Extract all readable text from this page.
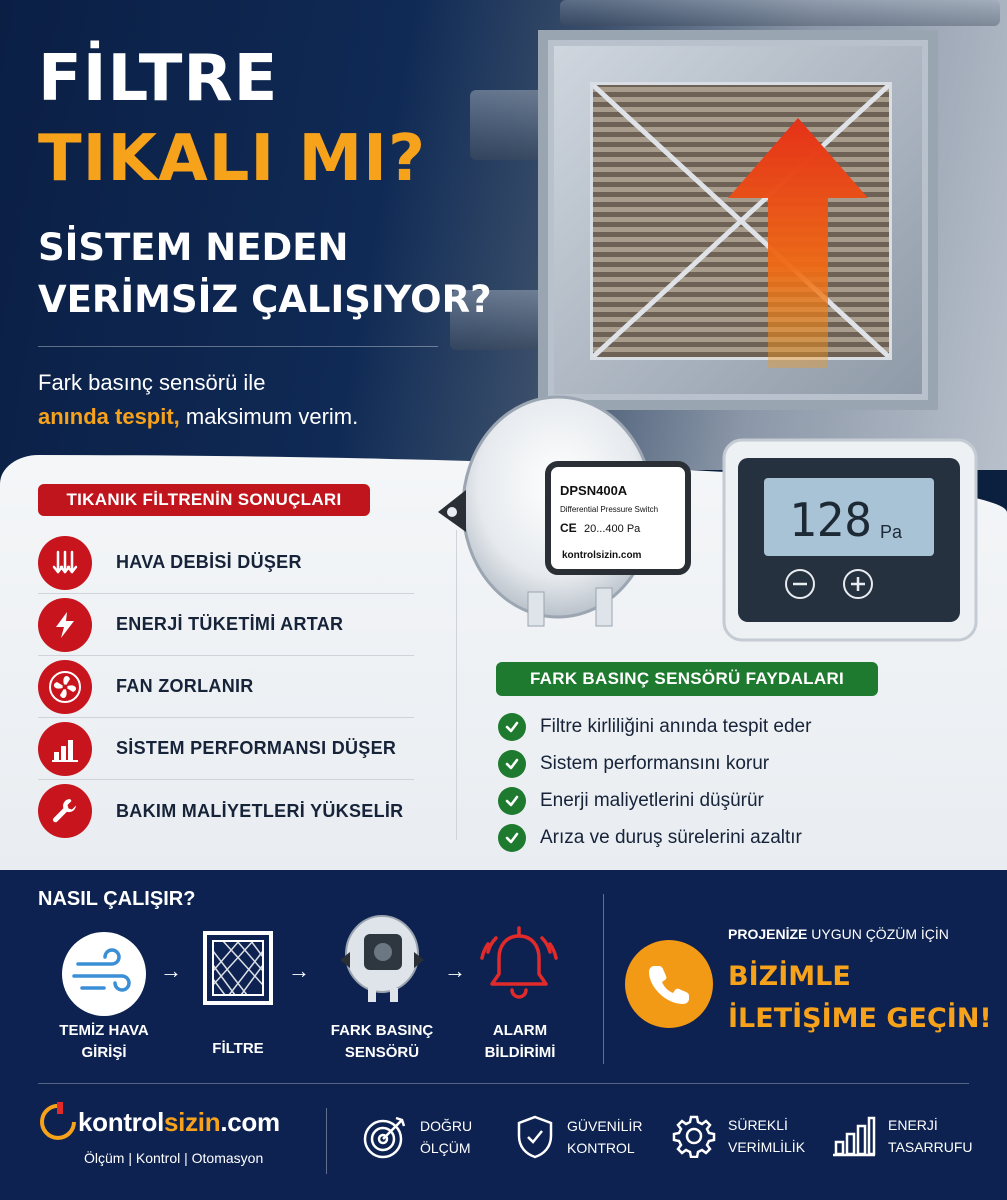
FİLTRE
TIKALI MI?
SİSTEM NEDEN
VERİMSİZ ÇALIŞIYOR?
Fark basınç sensörü ile
anında tespit, maksimum verim.
TIKANIK FİLTRENİN SONUÇLARI
HAVA DEBİSİ DÜŞER
ENERJİ TÜKETİMİ ARTAR
FAN ZORLANIR
SİSTEM PERFORMANSI DÜŞER
BAKIM MALİYETLERİ YÜKSELİR
DPSN400A
Differential Pressure Switch
CE 20...400 Pa
kontrolsizin.com
128 Pa
FARK BASINÇ SENSÖRÜ FAYDALARI
Filtre kirliliğini anında tespit eder
Sistem performansını korur
Enerji maliyetlerini düşürür
Arıza ve duruş sürelerini azaltır
NASIL ÇALIŞIR?
→	→	→
TEMİZ HAVA
GİRİŞİ	FİLTRE
FARK BASINÇ
SENSÖRÜ
ALARM
BİLDİRİMİ
PROJENİZE UYGUN ÇÖZÜM İÇİN
BİZİMLE
İLETİŞİME GEÇİN!
kontrolsizin.com
Ölçüm | Kontrol | Otomasyon
DOĞRU
ÖLÇÜM
GÜVENİLİR
KONTROL
SÜREKLİ
VERİMLİLİK
ENERJİ
TASARRUFU
